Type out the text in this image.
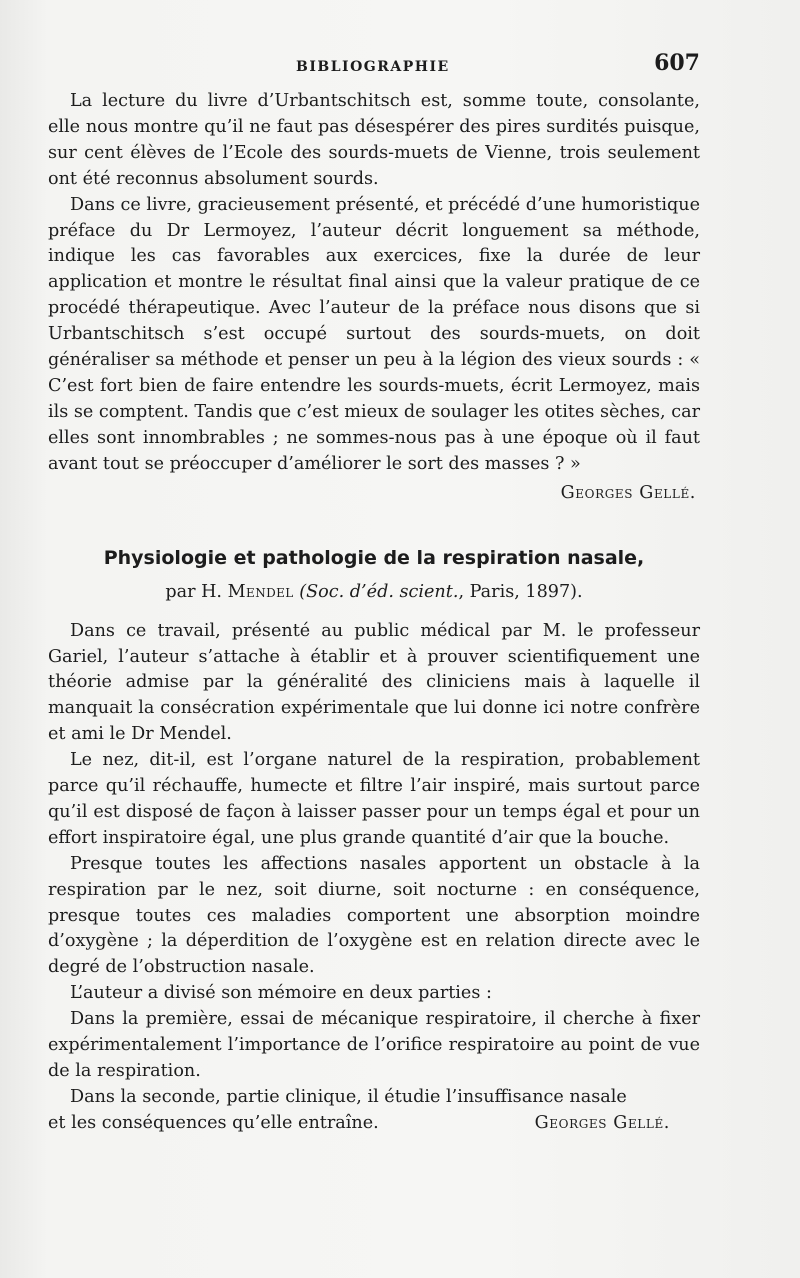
BIBLIOGRAPHIE	607

La lecture du livre d’Urbantschitsch est, somme toute, consolante, elle nous montre qu’il ne faut pas désespérer des pires surdités puisque, sur cent élèves de l’Ecole des sourds-muets de Vienne, trois seulement ont été reconnus absolument sourds.

Dans ce livre, gracieusement présenté, et précédé d’une humoristique préface du Dr Lermoyez, l’auteur décrit longuement sa méthode, indique les cas favorables aux exercices, fixe la durée de leur application et montre le résultat final ainsi que la valeur pratique de ce procédé thérapeutique. Avec l’auteur de la préface nous disons que si Urbantschitsch s’est occupé surtout des sourds-muets, on doit généraliser sa méthode et penser un peu à la légion des vieux sourds : « C’est fort bien de faire entendre les sourds-muets, écrit Lermoyez, mais ils se comptent. Tandis que c’est mieux de soulager les otites sèches, car elles sont innombrables ; ne sommes-nous pas à une époque où il faut avant tout se préoccuper d’améliorer le sort des masses ? »

Georges Gellé.

Physiologie et pathologie de la respiration nasale,

par H. Mendel (Soc. d’éd. scient., Paris, 1897).

Dans ce travail, présenté au public médical par M. le professeur Gariel, l’auteur s’attache à établir et à prouver scientifiquement une théorie admise par la généralité des cliniciens mais à laquelle il manquait la consécration expérimentale que lui donne ici notre confrère et ami le Dr Mendel.

Le nez, dit-il, est l’organe naturel de la respiration, probablement parce qu’il réchauffe, humecte et filtre l’air inspiré, mais surtout parce qu’il est disposé de façon à laisser passer pour un temps égal et pour un effort inspiratoire égal, une plus grande quantité d’air que la bouche.

Presque toutes les affections nasales apportent un obstacle à la respiration par le nez, soit diurne, soit nocturne : en conséquence, presque toutes ces maladies comportent une absorption moindre d’oxygène ; la déperdition de l’oxygène est en relation directe avec le degré de l’obstruction nasale.

L’auteur a divisé son mémoire en deux parties :

Dans la première, essai de mécanique respiratoire, il cherche à fixer expérimentalement l’importance de l’orifice respiratoire au point de vue de la respiration.

Dans la seconde, partie clinique, il étudie l’insuffisance nasale

et les conséquences qu’elle entraîne.	Georges Gellé.
